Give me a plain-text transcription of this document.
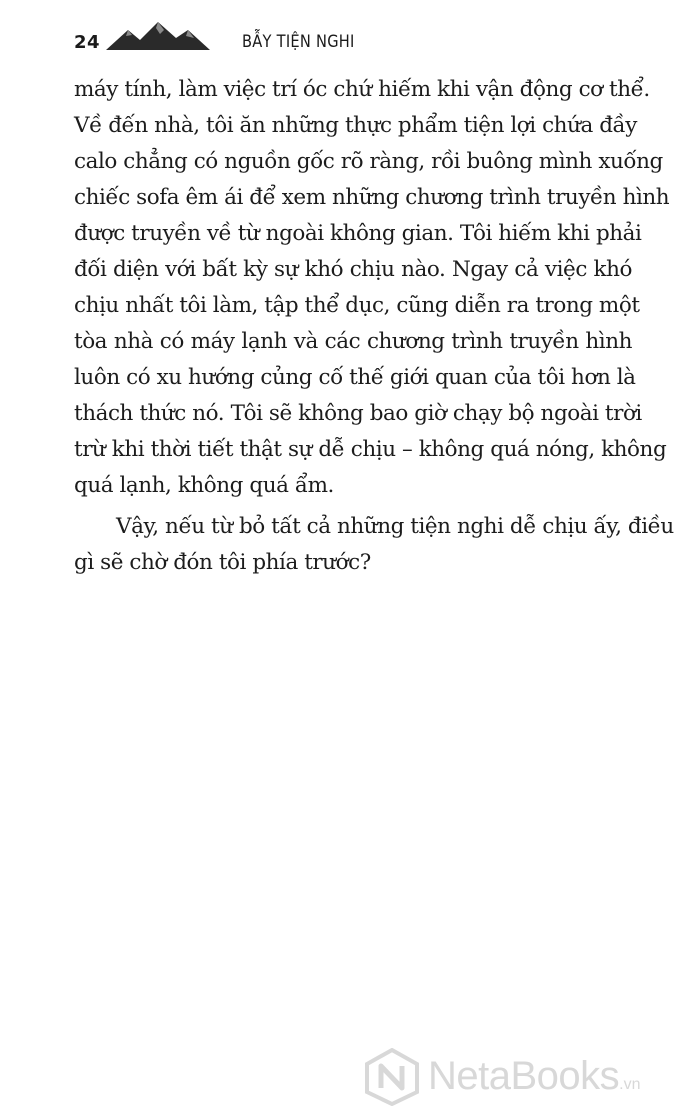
24	BẪY TIỆN NGHI

máy tính, làm việc trí óc chứ hiếm khi vận động cơ thể.
Về đến nhà, tôi ăn những thực phẩm tiện lợi chứa đầy
calo chẳng có nguồn gốc rõ ràng, rồi buông mình xuống
chiếc sofa êm ái để xem những chương trình truyền hình
được truyền về từ ngoài không gian. Tôi hiếm khi phải
đối diện với bất kỳ sự khó chịu nào. Ngay cả việc khó
chịu nhất tôi làm, tập thể dục, cũng diễn ra trong một
tòa nhà có máy lạnh và các chương trình truyền hình
luôn có xu hướng củng cố thế giới quan của tôi hơn là
thách thức nó. Tôi sẽ không bao giờ chạy bộ ngoài trời
trừ khi thời tiết thật sự dễ chịu – không quá nóng, không
quá lạnh, không quá ẩm.

Vậy, nếu từ bỏ tất cả những tiện nghi dễ chịu ấy, điều
gì sẽ chờ đón tôi phía trước?

NetaBooks.vn
